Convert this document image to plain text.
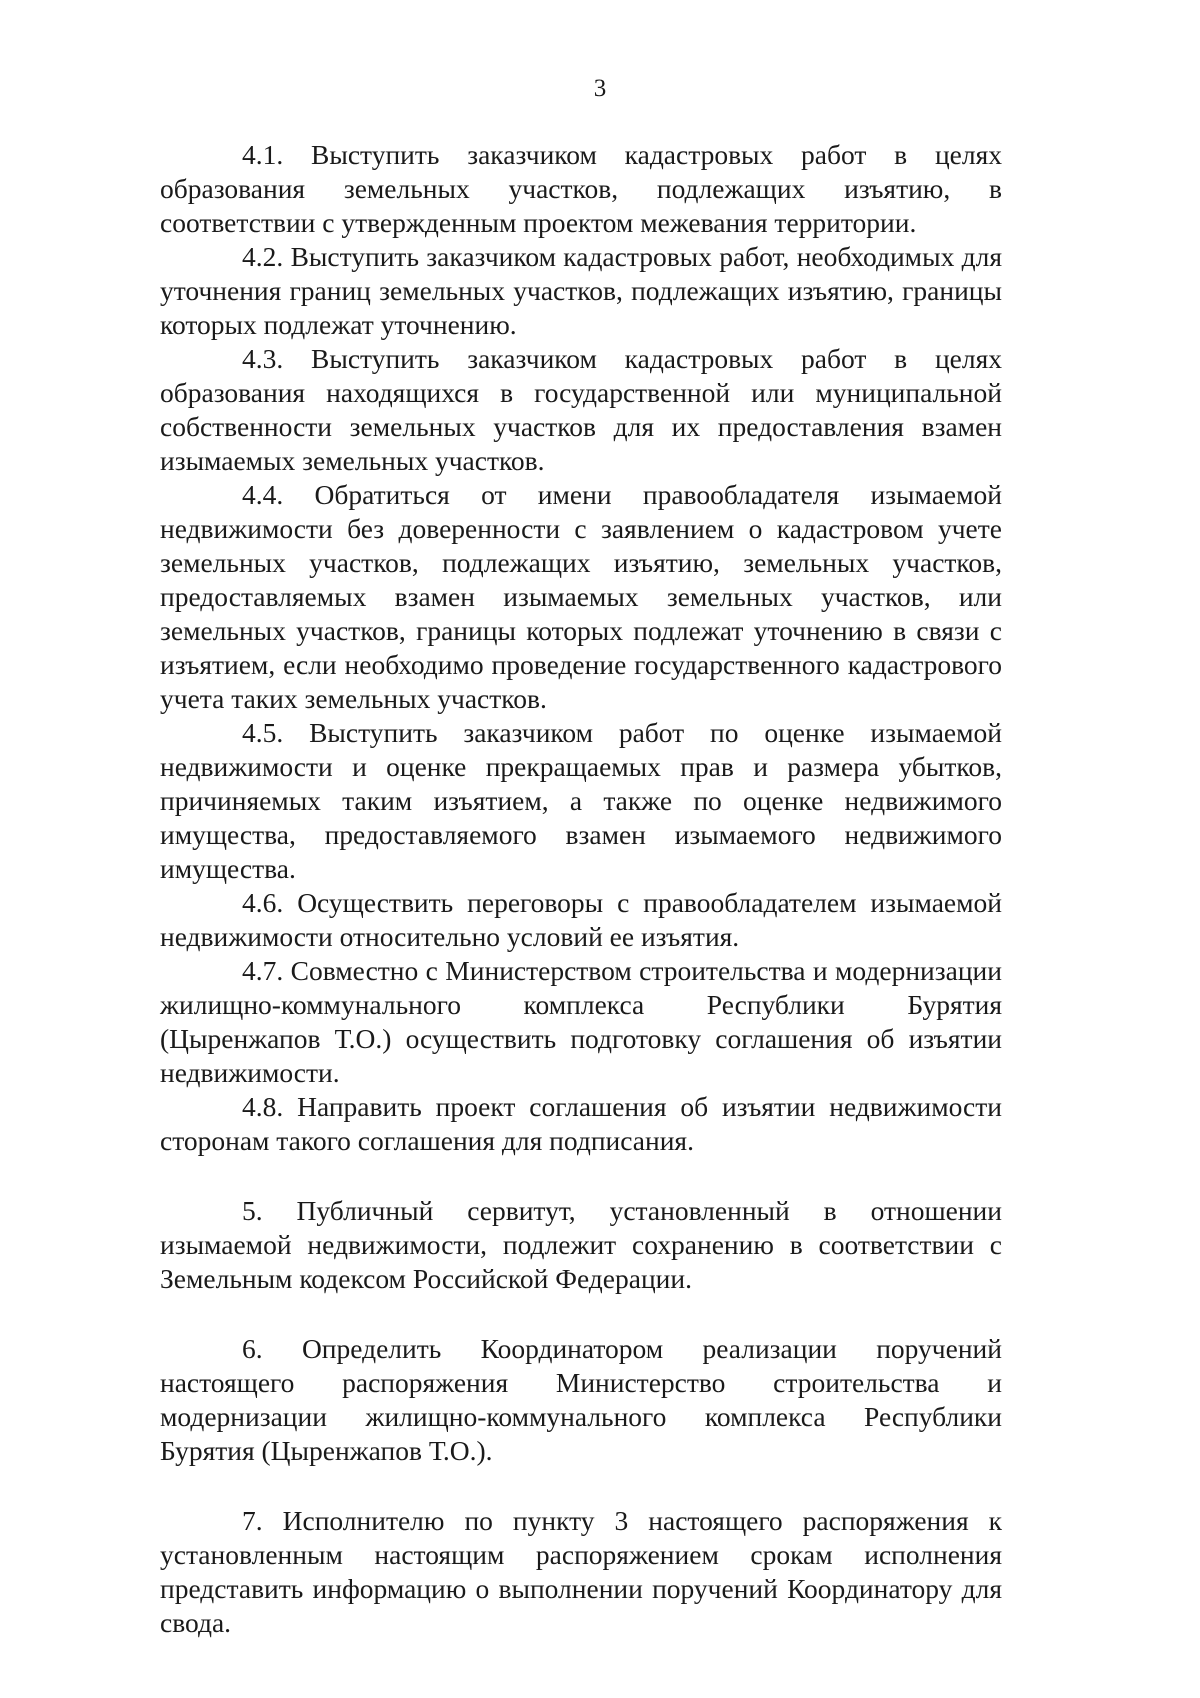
3

4.1. Выступить заказчиком кадастровых работ в целях образования земельных участков, подлежащих изъятию, в соответствии с утвержденным проектом межевания территории.

4.2. Выступить заказчиком кадастровых работ, необходимых для уточнения границ земельных участков, подлежащих изъятию, границы которых подлежат уточнению.

4.3. Выступить заказчиком кадастровых работ в целях образования находящихся в государственной или муниципальной собственности земельных участков для их предоставления взамен изымаемых земельных участков.

4.4. Обратиться от имени правообладателя изымаемой недвижимости без доверенности с заявлением о кадастровом учете земельных участков, подлежащих изъятию, земельных участков, предоставляемых взамен изымаемых земельных участков, или земельных участков, границы которых подлежат уточнению в связи с изъятием, если необходимо проведение государственного кадастрового учета таких земельных участков.

4.5. Выступить заказчиком работ по оценке изымаемой недвижимости и оценке прекращаемых прав и размера убытков, причиняемых таким изъятием, а также по оценке недвижимого имущества, предоставляемого взамен изымаемого недвижимого имущества.

4.6. Осуществить переговоры с правообладателем изымаемой недвижимости относительно условий ее изъятия.

4.7. Совместно с Министерством строительства и модернизации жилищно-коммунального комплекса Республики Бурятия (Цыренжапов Т.О.) осуществить подготовку соглашения об изъятии недвижимости.

4.8. Направить проект соглашения об изъятии недвижимости сторонам такого соглашения для подписания.

5. Публичный сервитут, установленный в отношении изымаемой недвижимости, подлежит сохранению в соответствии с Земельным кодексом Российской Федерации.

6. Определить Координатором реализации поручений настоящего распоряжения Министерство строительства и модернизации жилищно-коммунального комплекса Республики Бурятия (Цыренжапов Т.О.).

7. Исполнителю по пункту 3 настоящего распоряжения к установленным настоящим распоряжением срокам исполнения представить информацию о выполнении поручений Координатору для свода.
